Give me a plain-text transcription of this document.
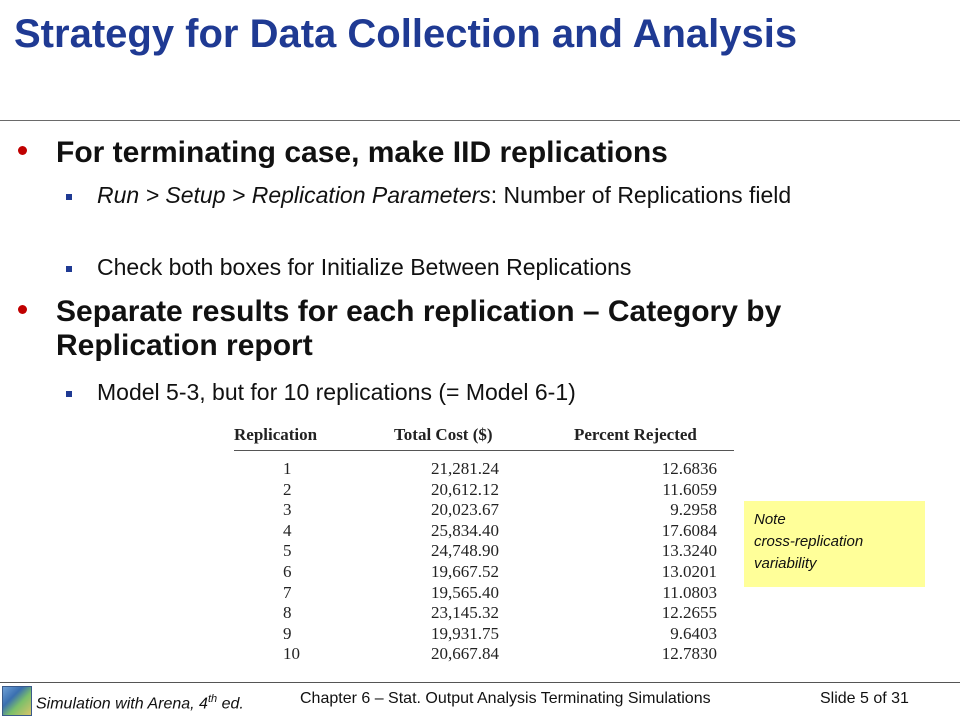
Strategy for Data Collection and Analysis
For terminating case, make IID replications
Run > Setup > Replication Parameters: Number of Replications field
Check both boxes for Initialize Between Replications
Separate results for each replication – Category by Replication report
Model 5-3, but for 10 replications (= Model 6-1)
Replication	Total Cost ($)	Percent Rejected
1	21,281.24	12.6836
2	20,612.12	11.6059
3	20,023.67	9.2958
4	25,834.40	17.6084
5	24,748.90	13.3240
6	19,667.52	13.0201
7	19,565.40	11.0803
8	23,145.32	12.2655
9	19,931.75	9.6403
10	20,667.84	12.7830
Note
cross-replication
variability
Simulation with Arena, 4th ed.	Chapter 6 – Stat. Output Analysis Terminating Simulations	Slide 5 of 31
